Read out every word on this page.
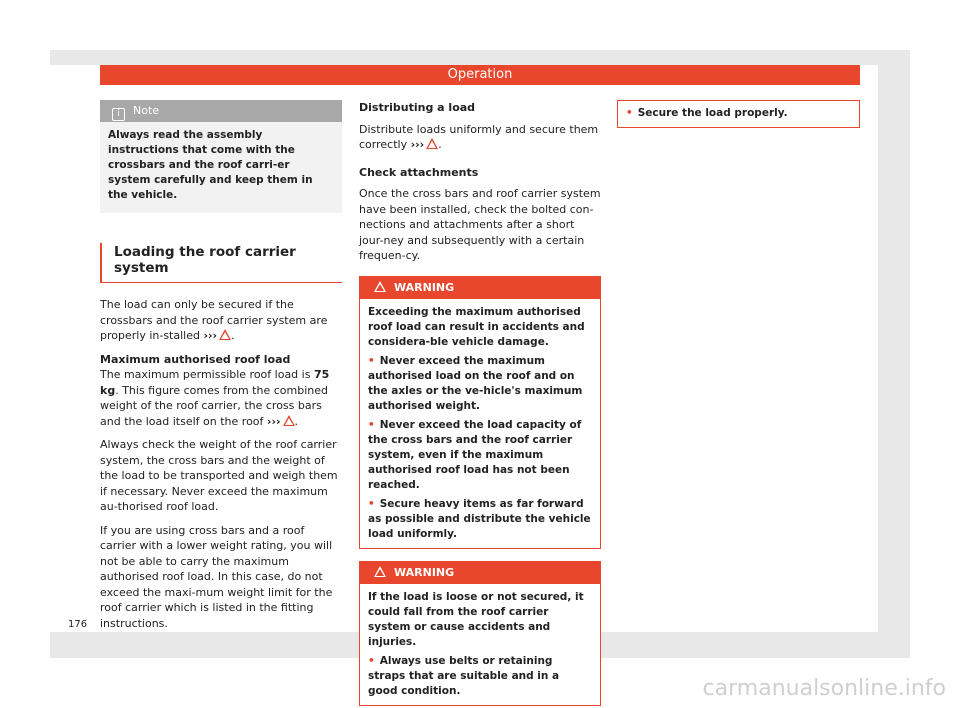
Operation
i Note
Always read the assembly instructions that come with the crossbars and the roof carri-er system carefully and keep them in the vehicle.
Loading the roof carrier system

The load can only be secured if the crossbars and the roof carrier system are properly in-stalled ››› .

Maximum authorised roof load

The maximum permissible roof load is 75 kg. This figure comes from the combined weight of the roof carrier, the cross bars and the load itself on the roof ››› .

Always check the weight of the roof carrier system, the cross bars and the weight of the load to be transported and weigh them if necessary. Never exceed the maximum au-thorised roof load.

If you are using cross bars and a roof carrier with a lower weight rating, you will not be able to carry the maximum authorised roof load. In this case, do not exceed the maxi-mum weight limit for the roof carrier which is listed in the fitting instructions.

Distributing a load

Distribute loads uniformly and secure them correctly ››› .

Check attachments

Once the cross bars and roof carrier system have been installed, check the bolted con-nections and attachments after a short jour-ney and subsequently with a certain frequen-cy.

WARNING

Exceeding the maximum authorised roof load can result in accidents and considera-ble vehicle damage.

• Never exceed the maximum authorised load on the roof and on the axles or the ve-hicle's maximum authorised weight.

• Never exceed the load capacity of the cross bars and the roof carrier system, even if the maximum authorised roof load has not been reached.

• Secure heavy items as far forward as possible and distribute the vehicle load uniformly.

WARNING

If the load is loose or not secured, it could fall from the roof carrier system or cause accidents and injuries.

• Always use belts or retaining straps that are suitable and in a good condition.

• Secure the load properly.
176
carmanualsonline.info
